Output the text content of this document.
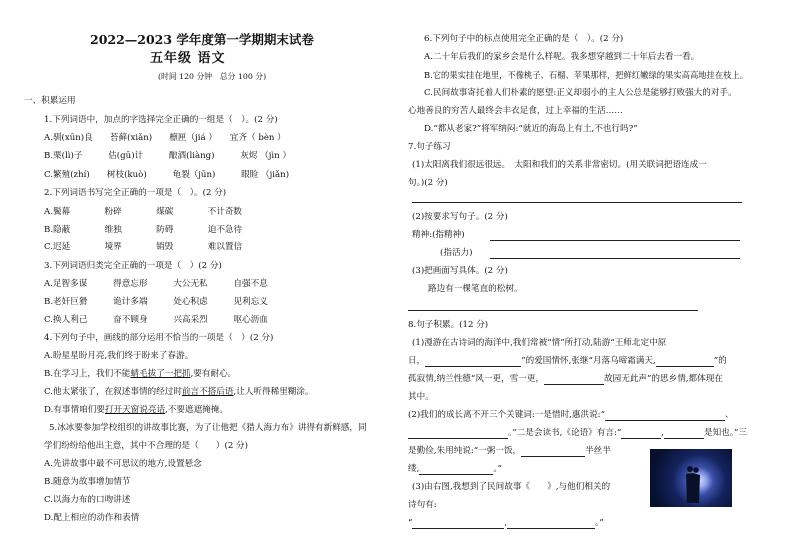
2022—2023 学年度第一学期期末试卷
五年级 语文
(时间 120 分钟　总分 100 分)
一、积累运用
1.下列词语中，加点的字选择完全正确的一组是（　）。(2 分)
A.驯(xūn)良　　苔藓(xiǎn)　　檩匣（jiá ）　　宜齐（ bèn ）
B.栗(lì)子　　　估(gū)计　　　酿酒(liàng)　　　灰烬 （jìn ）
C.繁殖(zhí)　　树枝(kuò)　　　龟裂（jūn)　　　眼睑 （jiǎn)
2.下列词语书写完全正确的一项是（　）。(2 分)
A.鬓幕　　　　粉碎　　　　煤碳　　　　不计奇数
B.隐蔽　　　　维独　　　　防碍　　　　迫不急待
C.迟延　　　　境界　　　　销毁　　　　难以置信
3.下列词语归类完全正确的一项是（　）(2 分)
A.足智多谋　　　得意忘形　　　大公无私　　　自强不息
B.老奸巨猾　　　诡计多端　　　处心积虑　　　见利忘义
C.换人利己　　　奋不顾身　　　兴高采烈　　　呕心沥血
4.下列句子中，画线的部分运用不恰当的一项是（　）(2 分)
A.盼星星盼月亮,我们终于盼来了春游。
B.在学习上，我们不能蜻毛拔了一把抓,要有耐心。
C.他太紧张了，在叙述事情的经过时前言不搭后语,让人听得稀里糊涂。
D.有事情咱们要打开天窗说亮话,不要遮遮掩掩。
5.冰冰要参加学校组织的讲故事比赛，为了让他把《猎人海力布》讲得有新鲜感，同
学们纷纷给他出主意，其中不合理的是（　　）(2 分)
A.先讲故事中最不可思议的地方,设置悬念
B.随意为故事增加情节
C.以海力布的口吻讲述
D.配上相应的动作和表情
6.下列句子中的标点使用完全正确的是（　）。(2 分)
A.二十年后我们的家乡会是什么样呢。我多想穿越到二十年后去看一看。
B.它的果实挂在地里，不像桃子、石榴、苹果那样，把鲜红嫩绿的果实高高地挂在枝上。
C.民间故事寄托着人们朴素的愿望:正义却弱小的主人公总是能够打败强大的对手。
心地善良的穷苦人最终会丰衣足食，过上幸福的生活……
D.“都从老家?”将军纳闷:“就近的海岛上有土,不也行吗?”
7.句子练习
(1)太阳离我们很远很远。　太阳和我们的关系非常密切。(用关联词把语连成一
句。)(2 分)
(2)按要求写句子。(2 分)
精神:(指精神)
(指活力)
(3)把画面写具体。(2 分)
路边有一棵笔直的松树。
8.句子积累。(12 分)
(1)漫游在古诗词的海洋中,我们常被“情”所打动,陆游“王师北定中原
日，	”的爱国情怀,张继“月落乌啼霜满天,	”的
孤寂情,纳兰性德“风一更，雪一更，	故园无此声”的思乡情,都体现在
其中。
(2)我们的成长离不开三个关键词:一是惜时,惠洪说:“	、
。”二是会读书,《论语》有言:“	,	是知也。”三
是勤俭,朱用纯说:“一粥一饭，	半丝半
缕,	。”
(3)由右图,我想到了民间故事《　　》,与他们相关的
诗句有:
“	,	。”
